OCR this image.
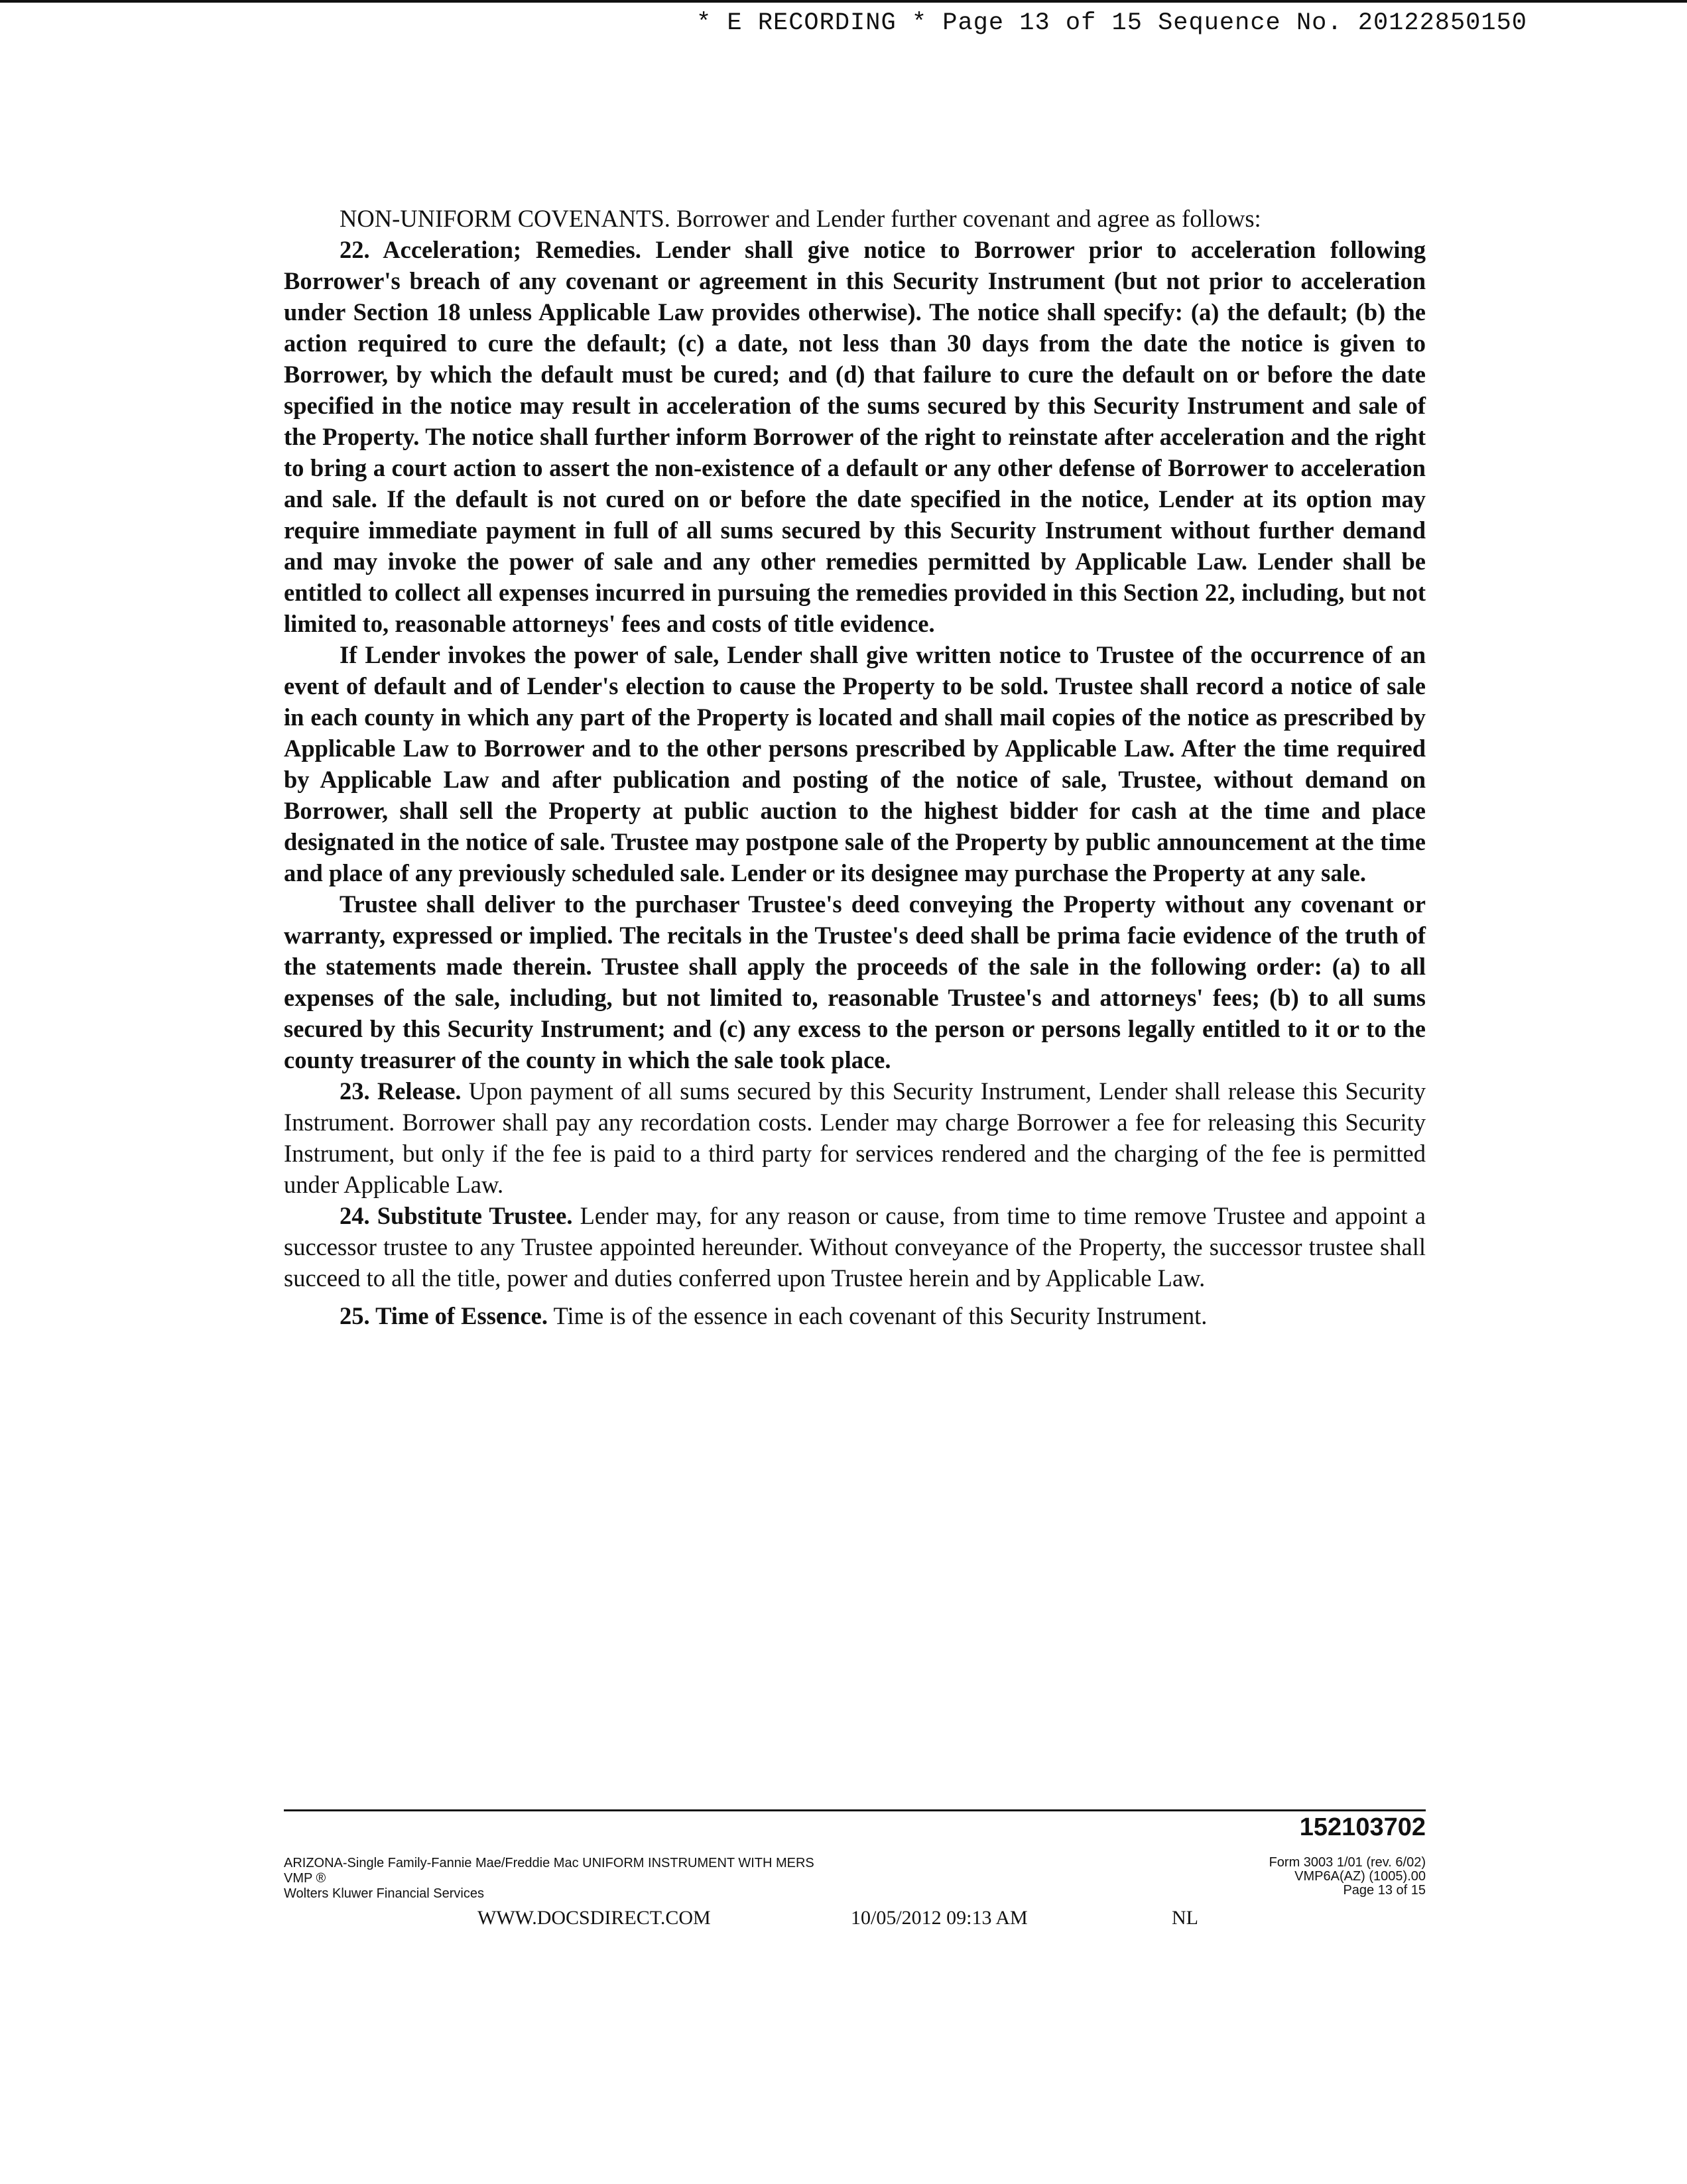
* E RECORDING * Page 13 of 15 Sequence No. 20122850150

NON-UNIFORM COVENANTS. Borrower and Lender further covenant and agree as follows:

22. Acceleration; Remedies. Lender shall give notice to Borrower prior to acceleration following Borrower's breach of any covenant or agreement in this Security Instrument (but not prior to acceleration under Section 18 unless Applicable Law provides otherwise). The notice shall specify: (a) the default; (b) the action required to cure the default; (c) a date, not less than 30 days from the date the notice is given to Borrower, by which the default must be cured; and (d) that failure to cure the default on or before the date specified in the notice may result in acceleration of the sums secured by this Security Instrument and sale of the Property. The notice shall further inform Borrower of the right to reinstate after acceleration and the right to bring a court action to assert the non-existence of a default or any other defense of Borrower to acceleration and sale. If the default is not cured on or before the date specified in the notice, Lender at its option may require immediate payment in full of all sums secured by this Security Instrument without further demand and may invoke the power of sale and any other remedies permitted by Applicable Law. Lender shall be entitled to collect all expenses incurred in pursuing the remedies provided in this Section 22, including, but not limited to, reasonable attorneys' fees and costs of title evidence.

If Lender invokes the power of sale, Lender shall give written notice to Trustee of the occurrence of an event of default and of Lender's election to cause the Property to be sold. Trustee shall record a notice of sale in each county in which any part of the Property is located and shall mail copies of the notice as prescribed by Applicable Law to Borrower and to the other persons prescribed by Applicable Law. After the time required by Applicable Law and after publication and posting of the notice of sale, Trustee, without demand on Borrower, shall sell the Property at public auction to the highest bidder for cash at the time and place designated in the notice of sale. Trustee may postpone sale of the Property by public announcement at the time and place of any previously scheduled sale. Lender or its designee may purchase the Property at any sale.

Trustee shall deliver to the purchaser Trustee's deed conveying the Property without any covenant or warranty, expressed or implied. The recitals in the Trustee's deed shall be prima facie evidence of the truth of the statements made therein. Trustee shall apply the proceeds of the sale in the following order: (a) to all expenses of the sale, including, but not limited to, reasonable Trustee's and attorneys' fees; (b) to all sums secured by this Security Instrument; and (c) any excess to the person or persons legally entitled to it or to the county treasurer of the county in which the sale took place.

23. Release. Upon payment of all sums secured by this Security Instrument, Lender shall release this Security Instrument. Borrower shall pay any recordation costs. Lender may charge Borrower a fee for releasing this Security Instrument, but only if the fee is paid to a third party for services rendered and the charging of the fee is permitted under Applicable Law.

24. Substitute Trustee. Lender may, for any reason or cause, from time to time remove Trustee and appoint a successor trustee to any Trustee appointed hereunder. Without conveyance of the Property, the successor trustee shall succeed to all the title, power and duties conferred upon Trustee herein and by Applicable Law.

25. Time of Essence. Time is of the essence in each covenant of this Security Instrument.

152103702
ARIZONA-Single Family-Fannie Mae/Freddie Mac UNIFORM INSTRUMENT WITH MERS
VMP ®
Wolters Kluwer Financial Services
Form 3003 1/01 (rev. 6/02)
VMP6A(AZ) (1005).00
Page 13 of 15
WWW.DOCSDIRECT.COM	10/05/2012 09:13 AM	NL
